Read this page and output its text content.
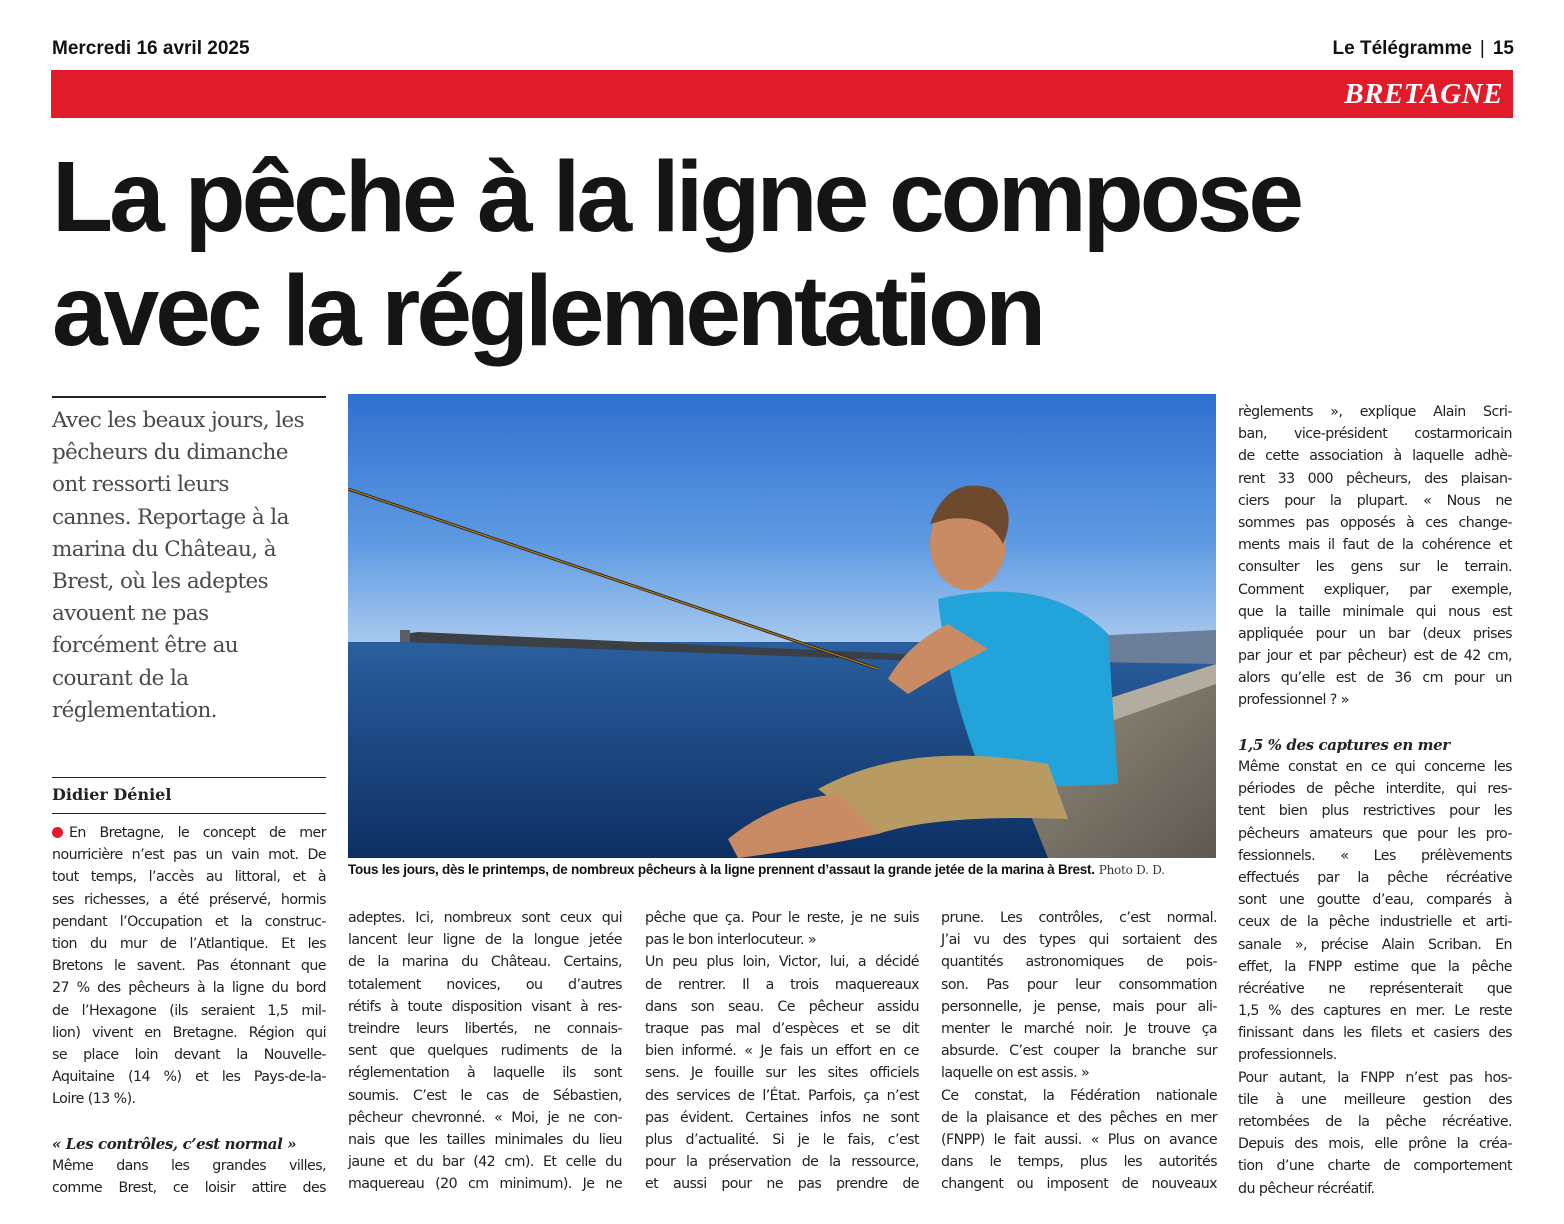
Mercredi 16 avril 2025	Le Télégramme | 15
BRETAGNE
La pêche à la ligne compose
avec la réglementation
Avec les beaux jours, les
pêcheurs du dimanche
ont ressorti leurs
cannes. Reportage à la
marina du Château, à
Brest, où les adeptes
avouent ne pas
forcément être au
courant de la
réglementation.
Didier Déniel
Tous les jours, dès le printemps, de nombreux pêcheurs à la ligne prennent d’assaut la grande jetée de la marina à Brest. Photo D. D.
En Bretagne, le concept de mer
nourricière n’est pas un vain mot. De
tout temps, l’accès au littoral, et à
ses richesses, a été préservé, hormis
pendant l’Occupation et la construc-
tion du mur de l’Atlantique. Et les
Bretons le savent. Pas étonnant que
27 % des pêcheurs à la ligne du bord
de l’Hexagone (ils seraient 1,5 mil-
lion) vivent en Bretagne. Région qui
se place loin devant la Nouvelle-
Aquitaine (14 %) et les Pays-de-la-
Loire (13 %).
« Les contrôles, c’est normal »
Même dans les grandes villes,
comme Brest, ce loisir attire des
adeptes. Ici, nombreux sont ceux qui
lancent leur ligne de la longue jetée
de la marina du Château. Certains,
totalement novices, ou d’autres
rétifs à toute disposition visant à res-
treindre leurs libertés, ne connais-
sent que quelques rudiments de la
réglementation à laquelle ils sont
soumis. C’est le cas de Sébastien,
pêcheur chevronné. « Moi, je ne con-
nais que les tailles minimales du lieu
jaune et du bar (42 cm). Et celle du
maquereau (20 cm minimum). Je ne
pêche que ça. Pour le reste, je ne suis
pas le bon interlocuteur. »
Un peu plus loin, Victor, lui, a décidé
de rentrer. Il a trois maquereaux
dans son seau. Ce pêcheur assidu
traque pas mal d’espèces et se dit
bien informé. « Je fais un effort en ce
sens. Je fouille sur les sites officiels
des services de l’État. Parfois, ça n’est
pas évident. Certaines infos ne sont
plus d’actualité. Si je le fais, c’est
pour la préservation de la ressource,
et aussi pour ne pas prendre de
prune. Les contrôles, c’est normal.
J’ai vu des types qui sortaient des
quantités astronomiques de pois-
son. Pas pour leur consommation
personnelle, je pense, mais pour ali-
menter le marché noir. Je trouve ça
absurde. C’est couper la branche sur
laquelle on est assis. »
Ce constat, la Fédération nationale
de la plaisance et des pêches en mer
(FNPP) le fait aussi. « Plus on avance
dans le temps, plus les autorités
changent ou imposent de nouveaux
règlements », explique Alain Scri-
ban, vice-président costarmoricain
de cette association à laquelle adhè-
rent 33 000 pêcheurs, des plaisan-
ciers pour la plupart. « Nous ne
sommes pas opposés à ces change-
ments mais il faut de la cohérence et
consulter les gens sur le terrain.
Comment expliquer, par exemple,
que la taille minimale qui nous est
appliquée pour un bar (deux prises
par jour et par pêcheur) est de 42 cm,
alors qu’elle est de 36 cm pour un
professionnel ? »
1,5 % des captures en mer
Même constat en ce qui concerne les
périodes de pêche interdite, qui res-
tent bien plus restrictives pour les
pêcheurs amateurs que pour les pro-
fessionnels. « Les prélèvements
effectués par la pêche récréative
sont une goutte d’eau, comparés à
ceux de la pêche industrielle et arti-
sanale », précise Alain Scriban. En
effet, la FNPP estime que la pêche
récréative ne représenterait que
1,5 % des captures en mer. Le reste
finissant dans les filets et casiers des
professionnels.
Pour autant, la FNPP n’est pas hos-
tile à une meilleure gestion des
retombées de la pêche récréative.
Depuis des mois, elle prône la créa-
tion d’une charte de comportement
du pêcheur récréatif.
